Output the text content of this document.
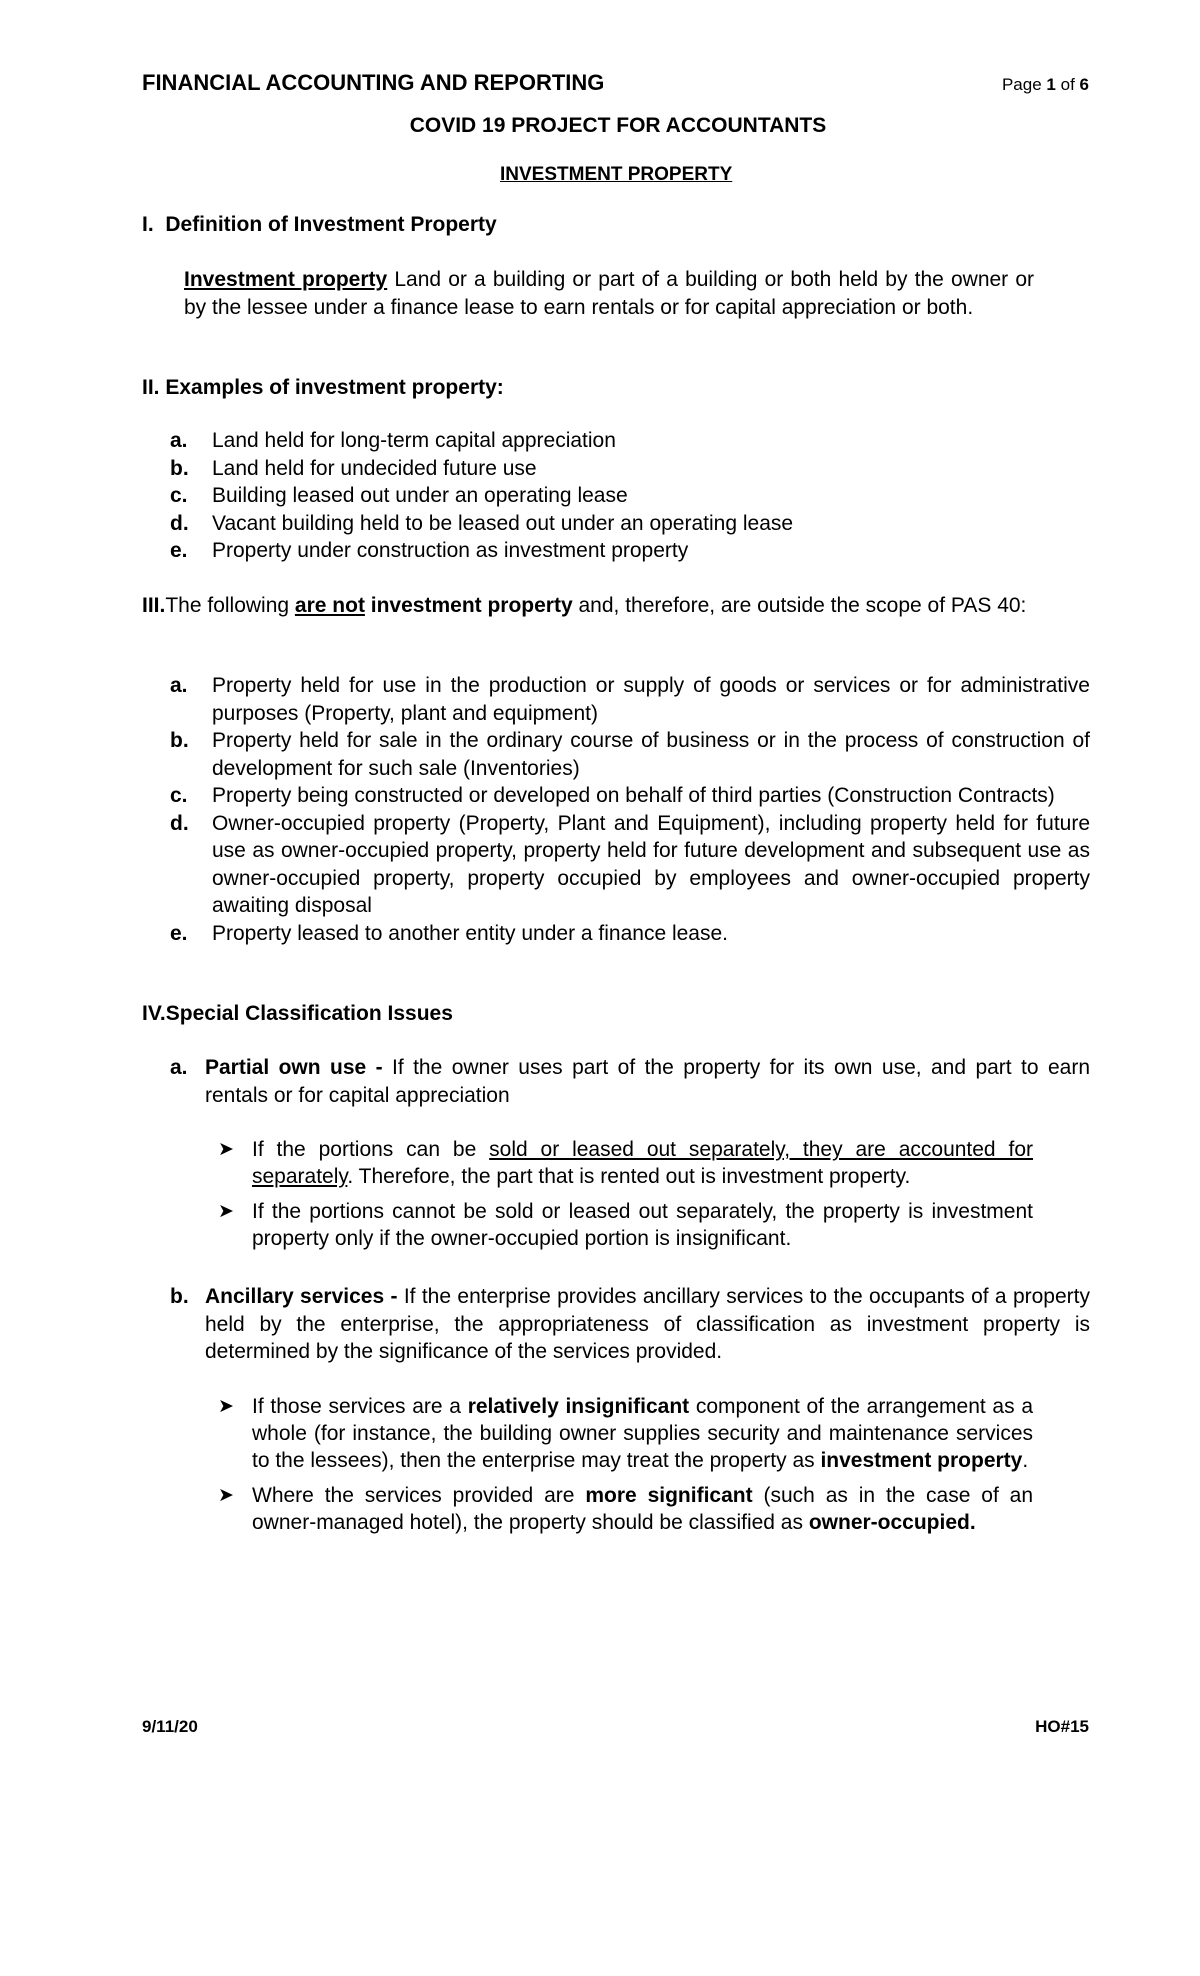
FINANCIAL ACCOUNTING AND REPORTING	Page 1 of 6
COVID 19 PROJECT FOR ACCOUNTANTS
INVESTMENT PROPERTY
I. Definition of Investment Property
Investment property Land or a building or part of a building or both held by the owner or by the lessee under a finance lease to earn rentals or for capital appreciation or both.
II. Examples of investment property:
a. Land held for long-term capital appreciation
b. Land held for undecided future use
c. Building leased out under an operating lease
d. Vacant building held to be leased out under an operating lease
e. Property under construction as investment property
III.The following are not investment property and, therefore, are outside the scope of PAS 40:
a. Property held for use in the production or supply of goods or services or for administrative purposes (Property, plant and equipment)
b. Property held for sale in the ordinary course of business or in the process of construction of development for such sale (Inventories)
c. Property being constructed or developed on behalf of third parties (Construction Contracts)
d. Owner-occupied property (Property, Plant and Equipment), including property held for future use as owner-occupied property, property held for future development and subsequent use as owner-occupied property, property occupied by employees and owner-occupied property awaiting disposal
e. Property leased to another entity under a finance lease.
IV.Special Classification Issues
a. Partial own use - If the owner uses part of the property for its own use, and part to earn rentals or for capital appreciation
➤ If the portions can be sold or leased out separately, they are accounted for separately. Therefore, the part that is rented out is investment property.
➤ If the portions cannot be sold or leased out separately, the property is investment property only if the owner-occupied portion is insignificant.
b. Ancillary services - If the enterprise provides ancillary services to the occupants of a property held by the enterprise, the appropriateness of classification as investment property is determined by the significance of the services provided.
➤ If those services are a relatively insignificant component of the arrangement as a whole (for instance, the building owner supplies security and maintenance services to the lessees), then the enterprise may treat the property as investment property.
➤ Where the services provided are more significant (such as in the case of an owner-managed hotel), the property should be classified as owner-occupied.
9/11/20	HO#15
